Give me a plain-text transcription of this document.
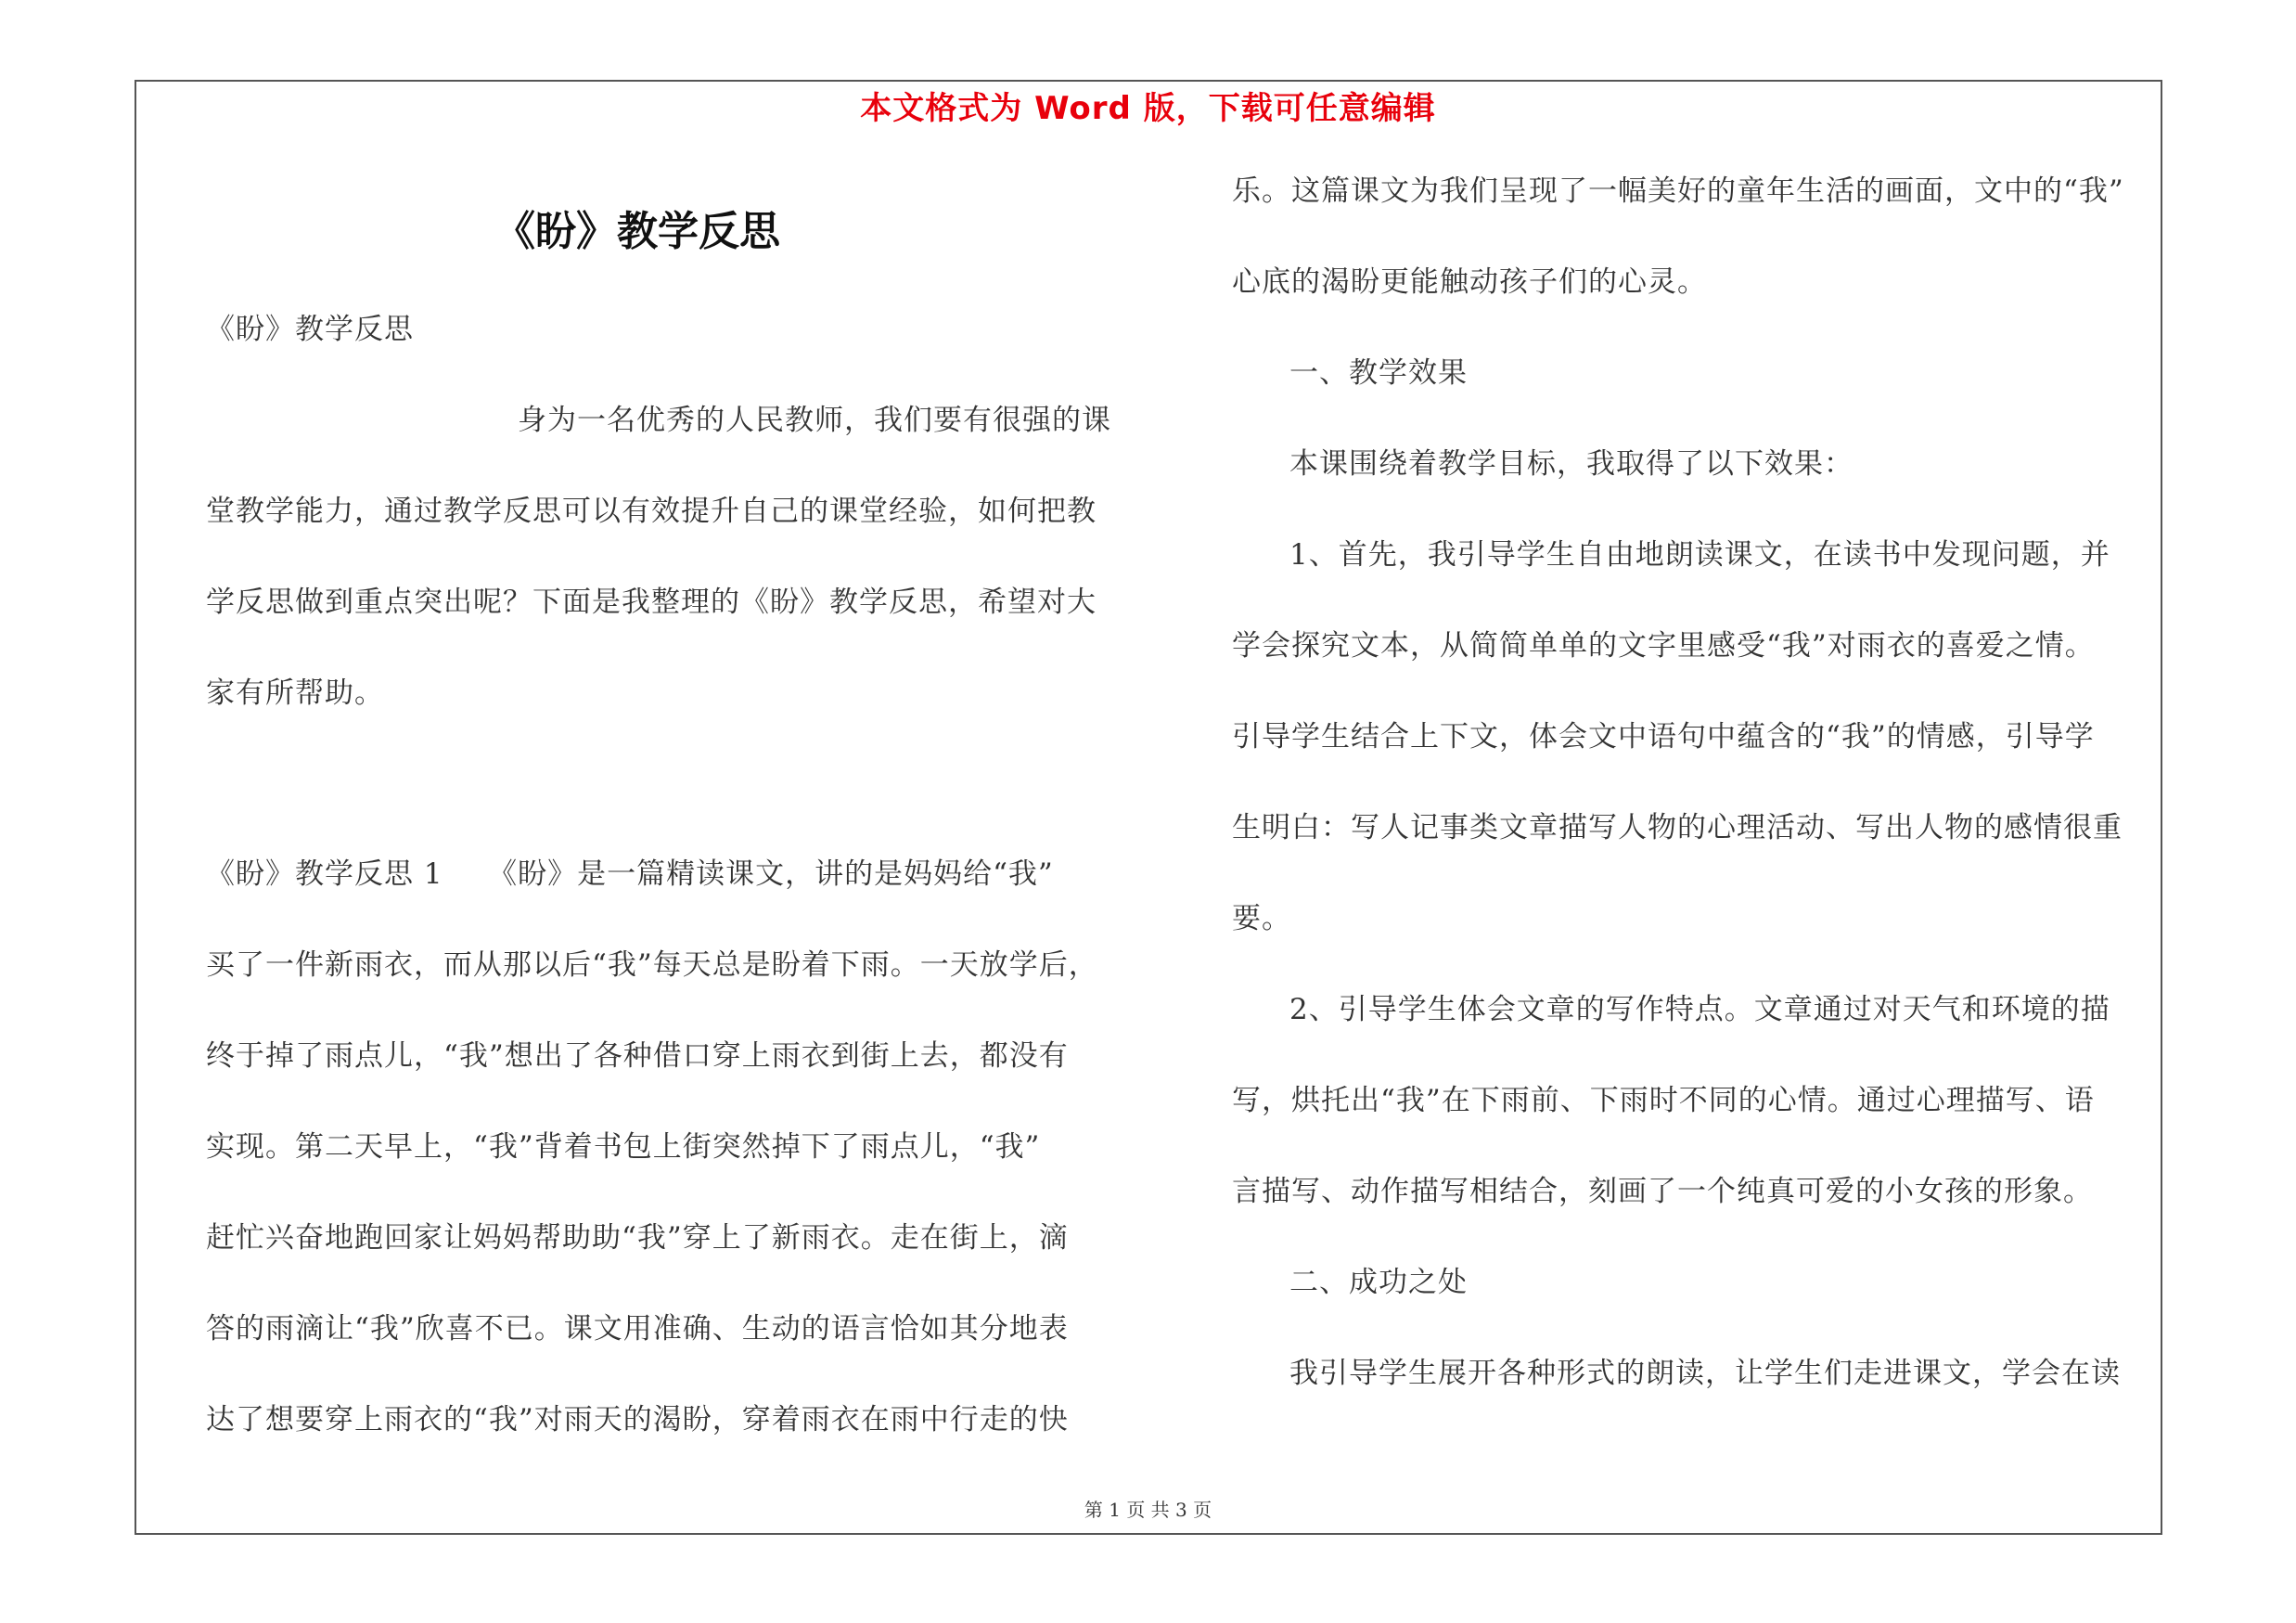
本文格式为 Word 版，下载可任意编辑
《盼》教学反思
《盼》教学反思
身为一名优秀的人民教师，我们要有很强的课
堂教学能力，通过教学反思可以有效提升自己的课堂经验，如何把教
学反思做到重点突出呢？下面是我整理的《盼》教学反思，希望对大
家有所帮助。
《盼》教学反思 1　　《盼》是一篇精读课文，讲的是妈妈给“我”
买了一件新雨衣，而从那以后“我”每天总是盼着下雨。一天放学后，
终于掉了雨点儿，“我”想出了各种借口穿上雨衣到街上去，都没有
实现。第二天早上，“我”背着书包上街突然掉下了雨点儿，“我”
赶忙兴奋地跑回家让妈妈帮助助“我”穿上了新雨衣。走在街上，滴
答的雨滴让“我”欣喜不已。课文用准确、生动的语言恰如其分地表
达了想要穿上雨衣的“我”对雨天的渴盼，穿着雨衣在雨中行走的快
乐。这篇课文为我们呈现了一幅美好的童年生活的画面，文中的“我”
心底的渴盼更能触动孩子们的心灵。
一、教学效果
本课围绕着教学目标，我取得了以下效果：
1、首先，我引导学生自由地朗读课文，在读书中发现问题，并
学会探究文本，从简简单单的文字里感受“我”对雨衣的喜爱之情。
引导学生结合上下文，体会文中语句中蕴含的“我”的情感，引导学
生明白：写人记事类文章描写人物的心理活动、写出人物的感情很重
要。
2、引导学生体会文章的写作特点。文章通过对天气和环境的描
写，烘托出“我”在下雨前、下雨时不同的心情。通过心理描写、语
言描写、动作描写相结合，刻画了一个纯真可爱的小女孩的形象。
二、成功之处
我引导学生展开各种形式的朗读，让学生们走进课文，学会在读
第 1 页 共 3 页
